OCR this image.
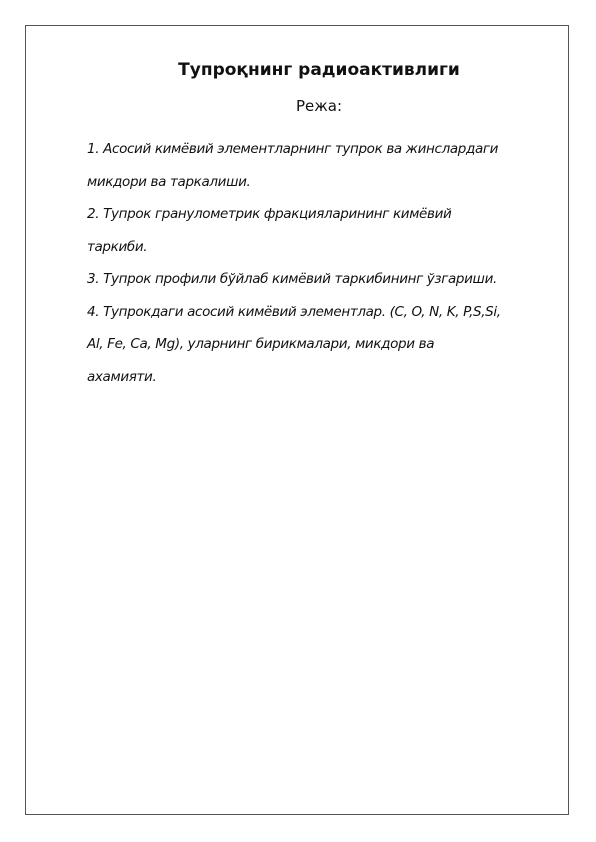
Тупроқнинг радиоактивлиги
Режа:
1. Асосий кимёвий элементларнинг тупрок ва жинслардаги
микдори ва таркалиши.
2. Тупрок гранулометрик фракцияларининг кимёвий
таркиби.
3. Тупрок профили бўйлаб кимёвий таркибининг ўзгариши.
4. Тупрокдаги асосий кимёвий элементлар. (C, O, N, K, P,S,Si,
Al, Fe, Ca, Mg), уларнинг бирикмалари, микдори ва
ахамияти.
